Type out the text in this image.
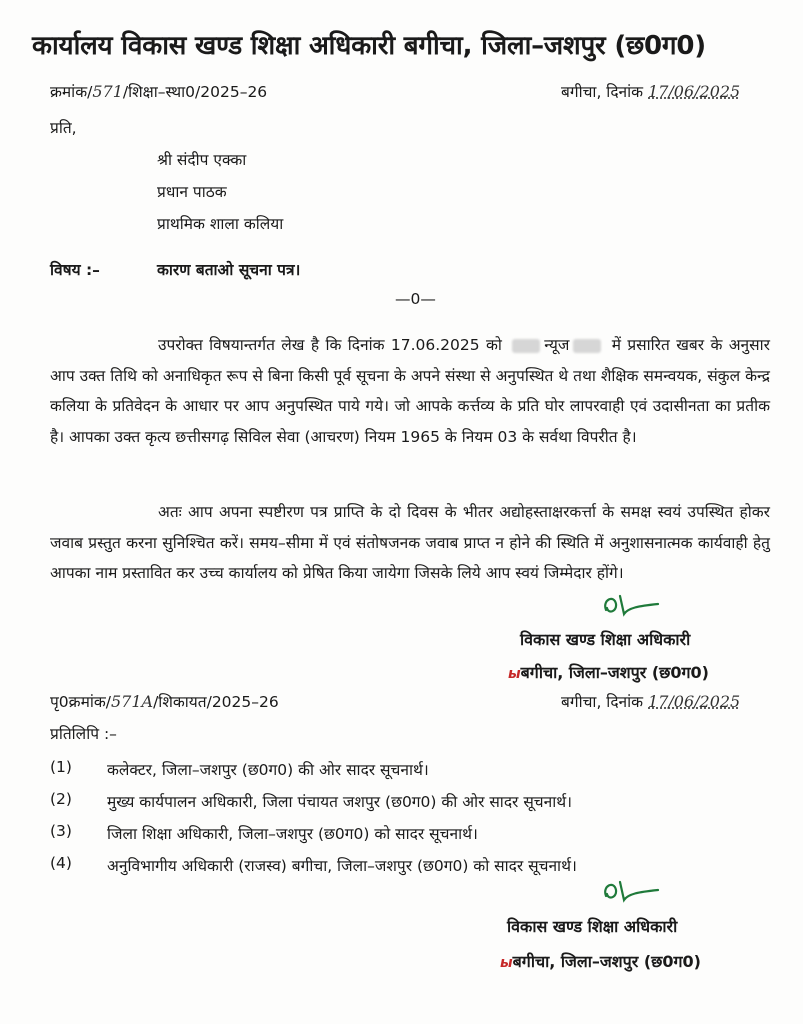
कार्यालय विकास खण्ड शिक्षा अधिकारी बगीचा, जिला–जशपुर (छ0ग0)
क्रमांक/571/शिक्षा–स्था0/2025–26	बगीचा, दिनांक 17/06/2025
प्रति,
श्री संदीप एक्का
प्रधान पाठक
प्राथमिक शाला कलिया
विषय :–	कारण बताओ सूचना पत्र।
—0—
उपरोक्त विषयान्तर्गत लेख है कि दिनांक 17.06.2025 को	न्यूज	में प्रसारित खबर के अनुसार आप उक्त तिथि को अनाधिकृत रूप से बिना किसी पूर्व सूचना के अपने संस्था से अनुपस्थित थे तथा शैक्षिक समन्वयक, संकुल केन्द्र कलिया के प्रतिवेदन के आधार पर आप अनुपस्थित पाये गये। जो आपके कर्त्तव्य के प्रति घोर लापरवाही एवं उदासीनता का प्रतीक है। आपका उक्त कृत्य छत्तीसगढ़ सिविल सेवा (आचरण) नियम 1965 के नियम 03 के सर्वथा विपरीत है।
अतः आप अपना स्पष्टीरण पत्र प्राप्ति के दो दिवस के भीतर अद्योहस्ताक्षरकर्त्ता के समक्ष स्वयं उपस्थित होकर जवाब प्रस्तुत करना सुनिश्चित करें। समय–सीमा में एवं संतोषजनक जवाब प्राप्त न होने की स्थिति में अनुशासनात्मक कार्यवाही हेतु आपका नाम प्रस्तावित कर उच्च कार्यालय को प्रेषित किया जायेगा जिसके लिये आप स्वयं जिम्मेदार होंगे।
विकास खण्ड शिक्षा अधिकारी
ыबगीचा, जिला–जशपुर (छ0ग0)
पृ0क्रमांक/571A/शिकायत/2025–26	बगीचा, दिनांक 17/06/2025
प्रतिलिपि :–
(1) कलेक्टर, जिला–जशपुर (छ0ग0) की ओर सादर सूचनार्थ।
(2) मुख्य कार्यपालन अधिकारी, जिला पंचायत जशपुर (छ0ग0) की ओर सादर सूचनार्थ।
(3) जिला शिक्षा अधिकारी, जिला–जशपुर (छ0ग0) को सादर सूचनार्थ।
(4) अनुविभागीय अधिकारी (राजस्व) बगीचा, जिला–जशपुर (छ0ग0) को सादर सूचनार्थ।
विकास खण्ड शिक्षा अधिकारी
ыबगीचा, जिला–जशपुर (छ0ग0)
